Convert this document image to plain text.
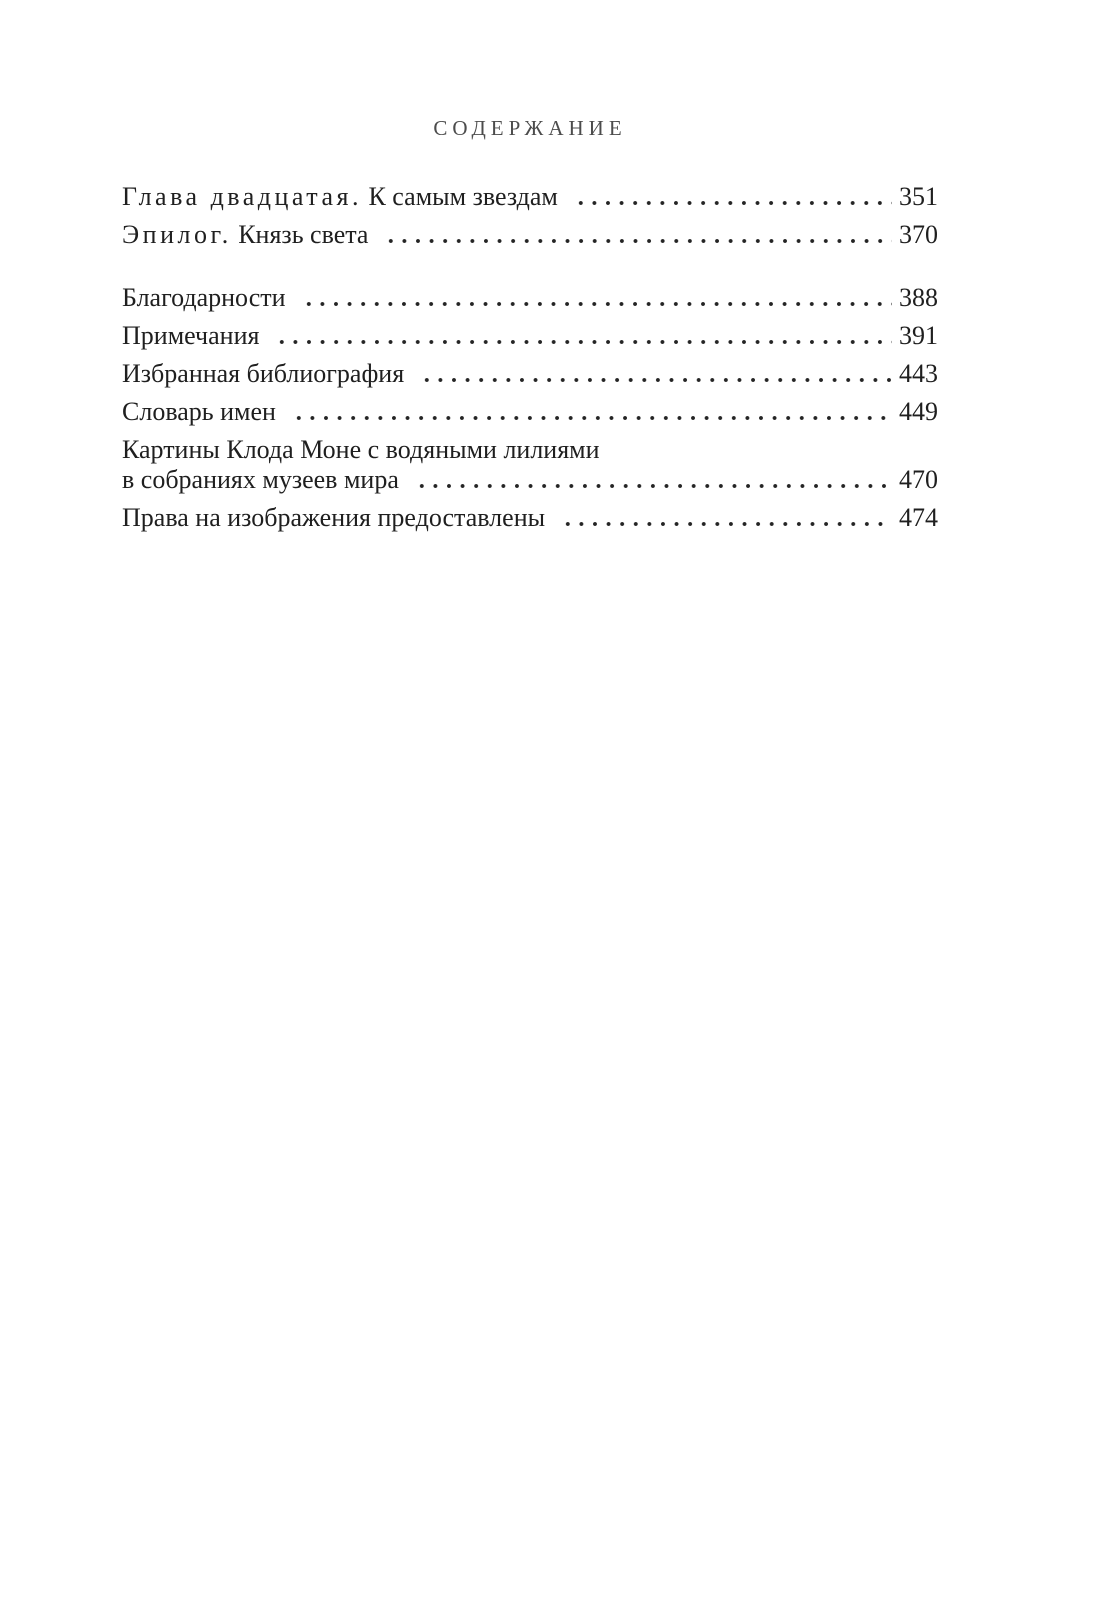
СОДЕРЖАНИЕ
Глава двадцатая. К самым звездам	351
Эпилог. Князь света	370
Благодарности	388
Примечания	391
Избранная библиография	443
Словарь имен	449
Картины Клода Моне с водяными лилиями
в собраниях музеев мира	470
Права на изображения предоставлены	474
